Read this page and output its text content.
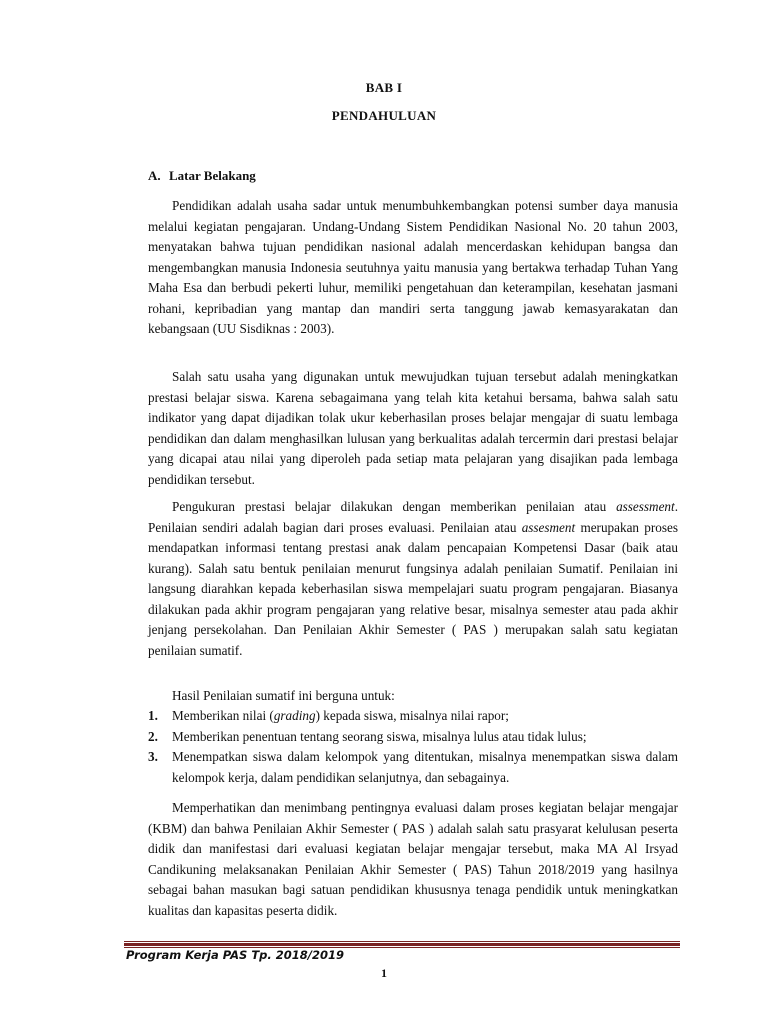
BAB I
PENDAHULUAN
A. Latar Belakang

Pendidikan adalah usaha sadar untuk menumbuhkembangkan potensi sumber daya manusia melalui kegiatan pengajaran. Undang-Undang Sistem Pendidikan Nasional No. 20 tahun 2003, menyatakan bahwa tujuan pendidikan nasional adalah mencerdaskan kehidupan bangsa dan mengembangkan manusia Indonesia seutuhnya yaitu manusia yang bertakwa terhadap Tuhan Yang Maha Esa dan berbudi pekerti luhur, memiliki pengetahuan dan keterampilan, kesehatan jasmani rohani, kepribadian yang mantap dan mandiri serta tanggung jawab kemasyarakatan dan kebangsaan (UU Sisdiknas : 2003).

Salah satu usaha yang digunakan untuk mewujudkan tujuan tersebut adalah meningkatkan prestasi belajar siswa. Karena sebagaimana yang telah kita ketahui bersama, bahwa salah satu indikator yang dapat dijadikan tolak ukur keberhasilan proses belajar mengajar di suatu lembaga pendidikan dan dalam menghasilkan lulusan yang berkualitas adalah tercermin dari prestasi belajar yang dicapai atau nilai yang diperoleh pada setiap mata pelajaran yang disajikan pada lembaga pendidikan tersebut.

Pengukuran prestasi belajar dilakukan dengan memberikan penilaian atau assessment. Penilaian sendiri adalah bagian dari proses evaluasi. Penilaian atau assesment merupakan proses mendapatkan informasi tentang prestasi anak dalam pencapaian Kompetensi Dasar (baik atau kurang). Salah satu bentuk penilaian menurut fungsinya adalah penilaian Sumatif. Penilaian ini langsung diarahkan kepada keberhasilan siswa mempelajari suatu program pengajaran. Biasanya dilakukan pada akhir program pengajaran yang relative besar, misalnya semester atau pada akhir jenjang persekolahan. Dan Penilaian Akhir Semester ( PAS ) merupakan salah satu kegiatan penilaian sumatif.

Hasil Penilaian sumatif ini berguna untuk:

1. Memberikan nilai (grading) kepada siswa, misalnya nilai rapor;
2. Memberikan penentuan tentang seorang siswa, misalnya lulus atau tidak lulus;
3. Menempatkan siswa dalam kelompok yang ditentukan, misalnya menempatkan siswa dalam kelompok kerja, dalam pendidikan selanjutnya, dan sebagainya.

Memperhatikan dan menimbang pentingnya evaluasi dalam proses kegiatan belajar mengajar (KBM) dan bahwa Penilaian Akhir Semester ( PAS ) adalah salah satu prasyarat kelulusan peserta didik dan manifestasi dari evaluasi kegiatan belajar mengajar tersebut, maka MA Al Irsyad Candikuning melaksanakan Penilaian Akhir Semester ( PAS) Tahun 2018/2019 yang hasilnya sebagai bahan masukan bagi satuan pendidikan khususnya tenaga pendidik untuk meningkatkan kualitas dan kapasitas peserta didik.

Program Kerja PAS Tp. 2018/2019
1
